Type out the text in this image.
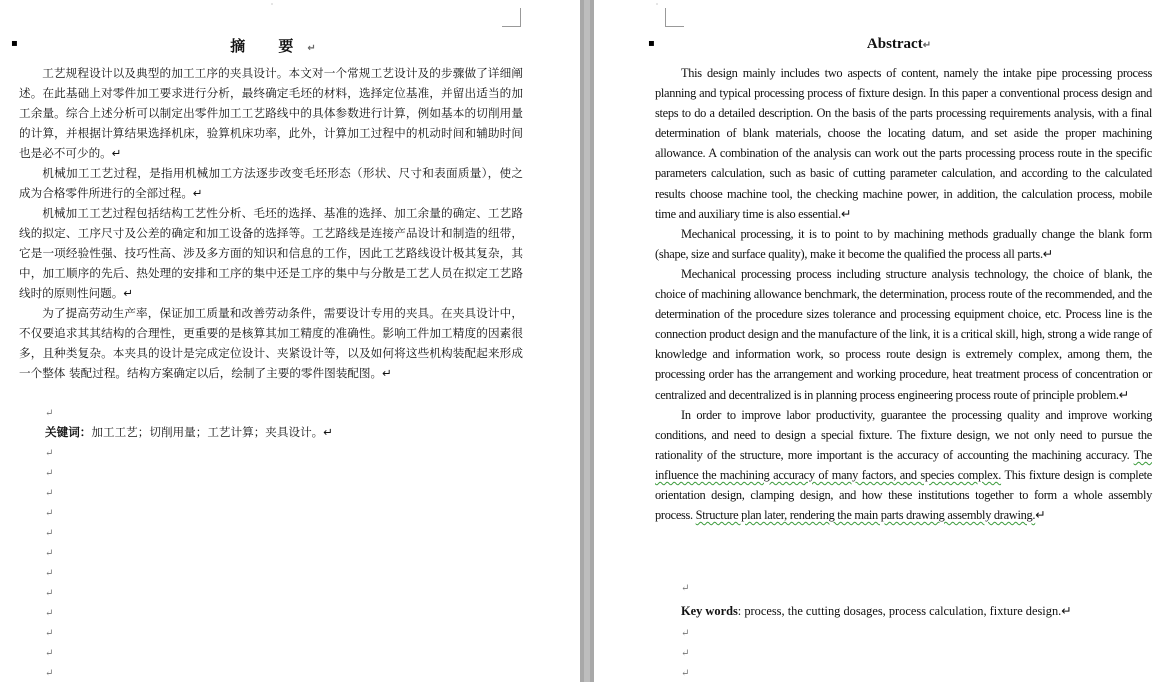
˙
▪
˙
▪
摘 要↵

工艺规程设计以及典型的加工工序的夹具设计。本文对一个常规工艺设计及的步骤做了详细阐述。在此基础上对零件加工要求进行分析，最终确定毛坯的材料，选择定位基准，并留出适当的加工余量。综合上述分析可以制定出零件加工工艺路线中的具体参数进行计算，例如基本的切削用量的计算，并根据计算结果选择机床，验算机床功率，此外，计算加工过程中的机动时间和辅助时间也是必不可少的。↵

机械加工工艺过程，是指用机械加工方法逐步改变毛坯形态（形状、尺寸和表面质量），使之成为合格零件所进行的全部过程。↵

机械加工工艺过程包括结构工艺性分析、毛坯的选择、基准的选择、加工余量的确定、工艺路线的拟定、工序尺寸及公差的确定和加工设备的选择等。工艺路线是连接产品设计和制造的纽带，它是一项经验性强、技巧性高、涉及多方面的知识和信息的工作，因此工艺路线设计极其复杂，其中，加工顺序的先后、热处理的安排和工序的集中还是工序的集中与分散是工艺人员在拟定工艺路线时的原则性问题。↵

为了提高劳动生产率，保证加工质量和改善劳动条件，需要设计专用的夹具。在夹具设计中，不仅要追求其其结构的合理性，更重要的是核算其加工精度的准确性。影响工件加工精度的因素很多，且种类复杂。本夹具的设计是完成定位设计、夹紧设计等，以及如何将这些机构装配起来形成一个整体 装配过程。结构方案确定以后，绘制了主要的零件图装配图。↵

↵
关键词：加工工艺；切削用量；工艺计算；夹具设计。↵
↵
↵
↵
↵
↵
↵
↵
↵
↵
↵
↵
↵
Abstract↵

This design mainly includes two aspects of content, namely the intake pipe processing process planning and typical processing process of fixture design. In this paper a conventional process design and steps to do a detailed description. On the basis of the parts processing requirements analysis, with a final determination of blank materials, choose the locating datum, and set aside the proper machining allowance. A combination of the analysis can work out the parts processing process route in the specific parameters calculation, such as basic of cutting parameter calculation, and according to the calculated results choose machine tool, the checking machine power, in addition, the calculation process, mobile time and auxiliary time is also essential.↵

Mechanical processing, it is to point to by machining methods gradually change the blank form (shape, size and surface quality), make it become the qualified the process all parts.↵

Mechanical processing process including structure analysis technology, the choice of blank, the choice of machining allowance benchmark, the determination, process route of the recommended, and the determination of the procedure sizes tolerance and processing equipment choice, etc. Process line is the connection product design and the manufacture of the link, it is a critical skill, high, strong a wide range of knowledge and information work, so process route design is extremely complex, among them, the processing order has the arrangement and working procedure, heat treatment process of concentration or centralized and decentralized is in planning process engineering process route of principle problem.↵

In order to improve labor productivity, guarantee the processing quality and improve working conditions, and need to design a special fixture. The fixture design, we not only need to pursue the rationality of the structure, more important is the accuracy of accounting the machining accuracy. The influence the machining accuracy of many factors, and species complex. This fixture design is complete orientation design, clamping design, and how these institutions together to form a whole assembly process. Structure plan later, rendering the main parts drawing assembly drawing.↵

↵
Key words: process, the cutting dosages, process calculation, fixture design.↵
↵
↵
↵
